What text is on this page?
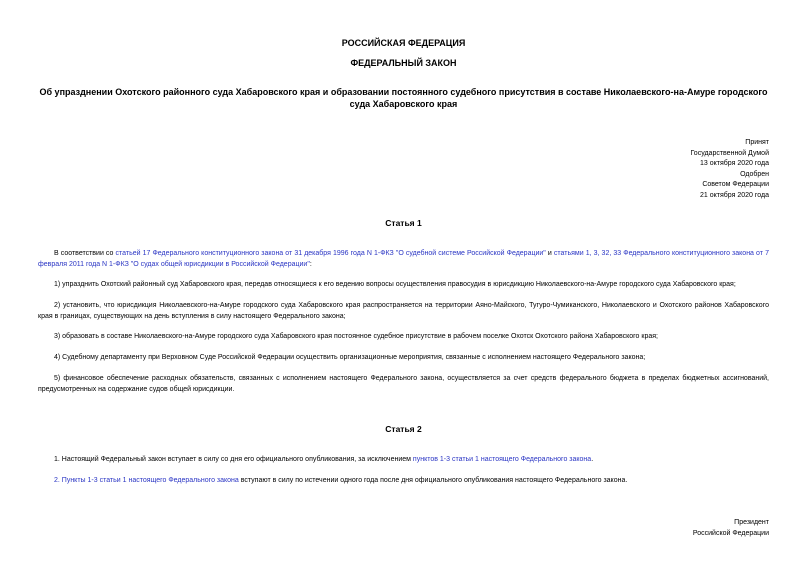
РОССИЙСКАЯ ФЕДЕРАЦИЯ
ФЕДЕРАЛЬНЫЙ ЗАКОН
Об упразднении Охотского районного суда Хабаровского края и образовании постоянного судебного присутствия в составе Николаевского-на-Амуре городского суда Хабаровского края
Принят
Государственной Думой
13 октября 2020 года
Одобрен
Советом Федерации
21 октября 2020 года
Статья 1
В соответствии со статьей 17 Федерального конституционного закона от 31 декабря 1996 года N 1-ФКЗ "О судебной системе Российской Федерации" и статьями 1, 3, 32, 33 Федерального конституционного закона от 7 февраля 2011 года N 1-ФКЗ "О судах общей юрисдикции в Российской Федерации":
1) упразднить Охотский районный суд Хабаровского края, передав относящиеся к его ведению вопросы осуществления правосудия в юрисдикцию Николаевского-на-Амуре городского суда Хабаровского края;
2) установить, что юрисдикция Николаевского-на-Амуре городского суда Хабаровского края распространяется на территории Аяно-Майского, Тугуро-Чумиканского, Николаевского и Охотского районов Хабаровского края в границах, существующих на день вступления в силу настоящего Федерального закона;
3) образовать в составе Николаевского-на-Амуре городского суда Хабаровского края постоянное судебное присутствие в рабочем поселке Охотск Охотского района Хабаровского края;
4) Судебному департаменту при Верховном Суде Российской Федерации осуществить организационные мероприятия, связанные с исполнением настоящего Федерального закона;
5) финансовое обеспечение расходных обязательств, связанных с исполнением настоящего Федерального закона, осуществляется за счет средств федерального бюджета в пределах бюджетных ассигнований, предусмотренных на содержание судов общей юрисдикции.
Статья 2
1. Настоящий Федеральный закон вступает в силу со дня его официального опубликования, за исключением пунктов 1-3 статьи 1 настоящего Федерального закона.
2. Пункты 1-3 статьи 1 настоящего Федерального закона вступают в силу по истечении одного года после дня официального опубликования настоящего Федерального закона.
Президент
Российской Федерации
